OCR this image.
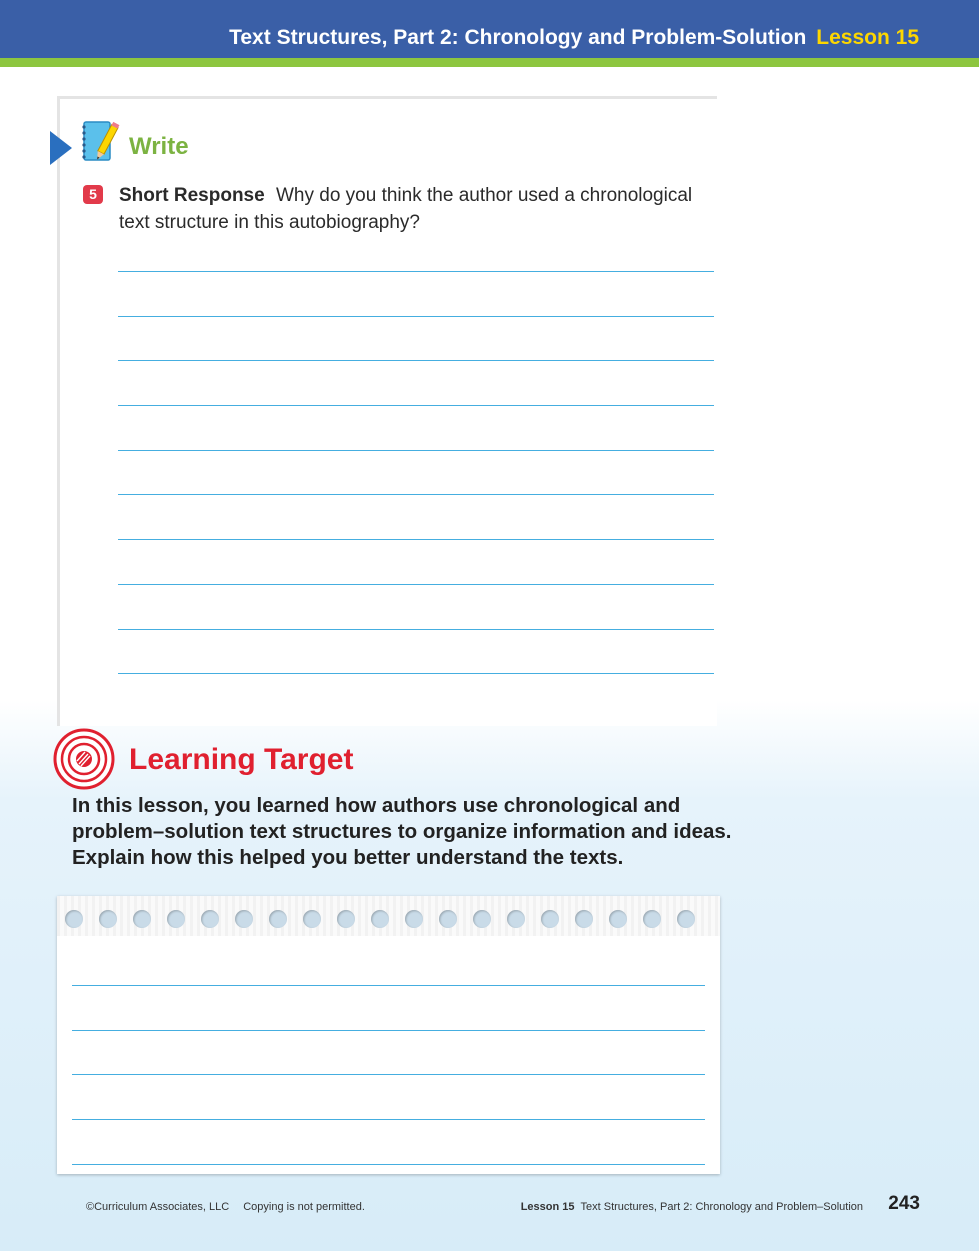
Text Structures, Part 2: Chronology and Problem-Solution Lesson 15
Write
5	Short Response Why do you think the author used a chronological text structure in this autobiography?
Learning Target
In this lesson, you learned how authors use chronological and problem–solution text structures to organize information and ideas. Explain how this helped you better understand the texts.
©Curriculum Associates, LLC Copying is not permitted.	Lesson 15 Text Structures, Part 2: Chronology and Problem–Solution 243
